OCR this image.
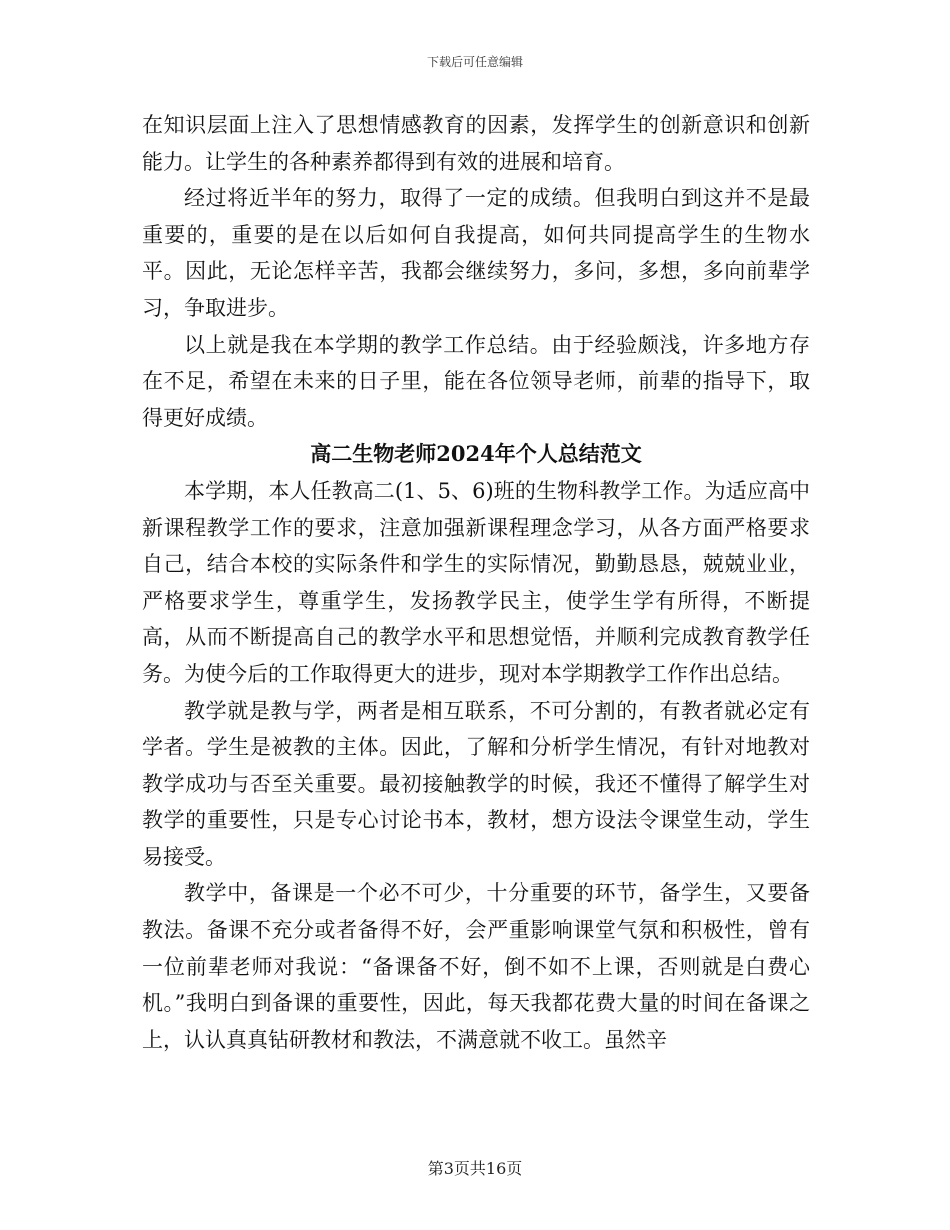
下载后可任意编辑

在知识层面上注入了思想情感教育的因素，发挥学生的创新意识和创新能力。让学生的各种素养都得到有效的进展和培育。

经过将近半年的努力，取得了一定的成绩。但我明白到这并不是最重要的，重要的是在以后如何自我提高，如何共同提高学生的生物水平。因此，无论怎样辛苦，我都会继续努力，多问，多想，多向前辈学习，争取进步。

以上就是我在本学期的教学工作总结。由于经验颇浅，许多地方存在不足，希望在未来的日子里，能在各位领导老师，前辈的指导下，取得更好成绩。

高二生物老师2024年个人总结范文

本学期，本人任教高二(1、5、6)班的生物科教学工作。为适应高中新课程教学工作的要求，注意加强新课程理念学习，从各方面严格要求自己，结合本校的实际条件和学生的实际情况，勤勤恳恳，兢兢业业，严格要求学生，尊重学生，发扬教学民主，使学生学有所得，不断提高，从而不断提高自己的教学水平和思想觉悟，并顺利完成教育教学任务。为使今后的工作取得更大的进步，现对本学期教学工作作出总结。

教学就是教与学，两者是相互联系，不可分割的，有教者就必定有学者。学生是被教的主体。因此，了解和分析学生情况，有针对地教对教学成功与否至关重要。最初接触教学的时候，我还不懂得了解学生对教学的重要性，只是专心讨论书本，教材，想方设法令课堂生动，学生易接受。

教学中，备课是一个必不可少，十分重要的环节，备学生，又要备教法。备课不充分或者备得不好，会严重影响课堂气氛和积极性，曾有一位前辈老师对我说：“备课备不好，倒不如不上课，否则就是白费心机。”我明白到备课的重要性，因此，每天我都花费大量的时间在备课之上，认认真真钻研教材和教法，不满意就不收工。虽然辛

第3页共16页
